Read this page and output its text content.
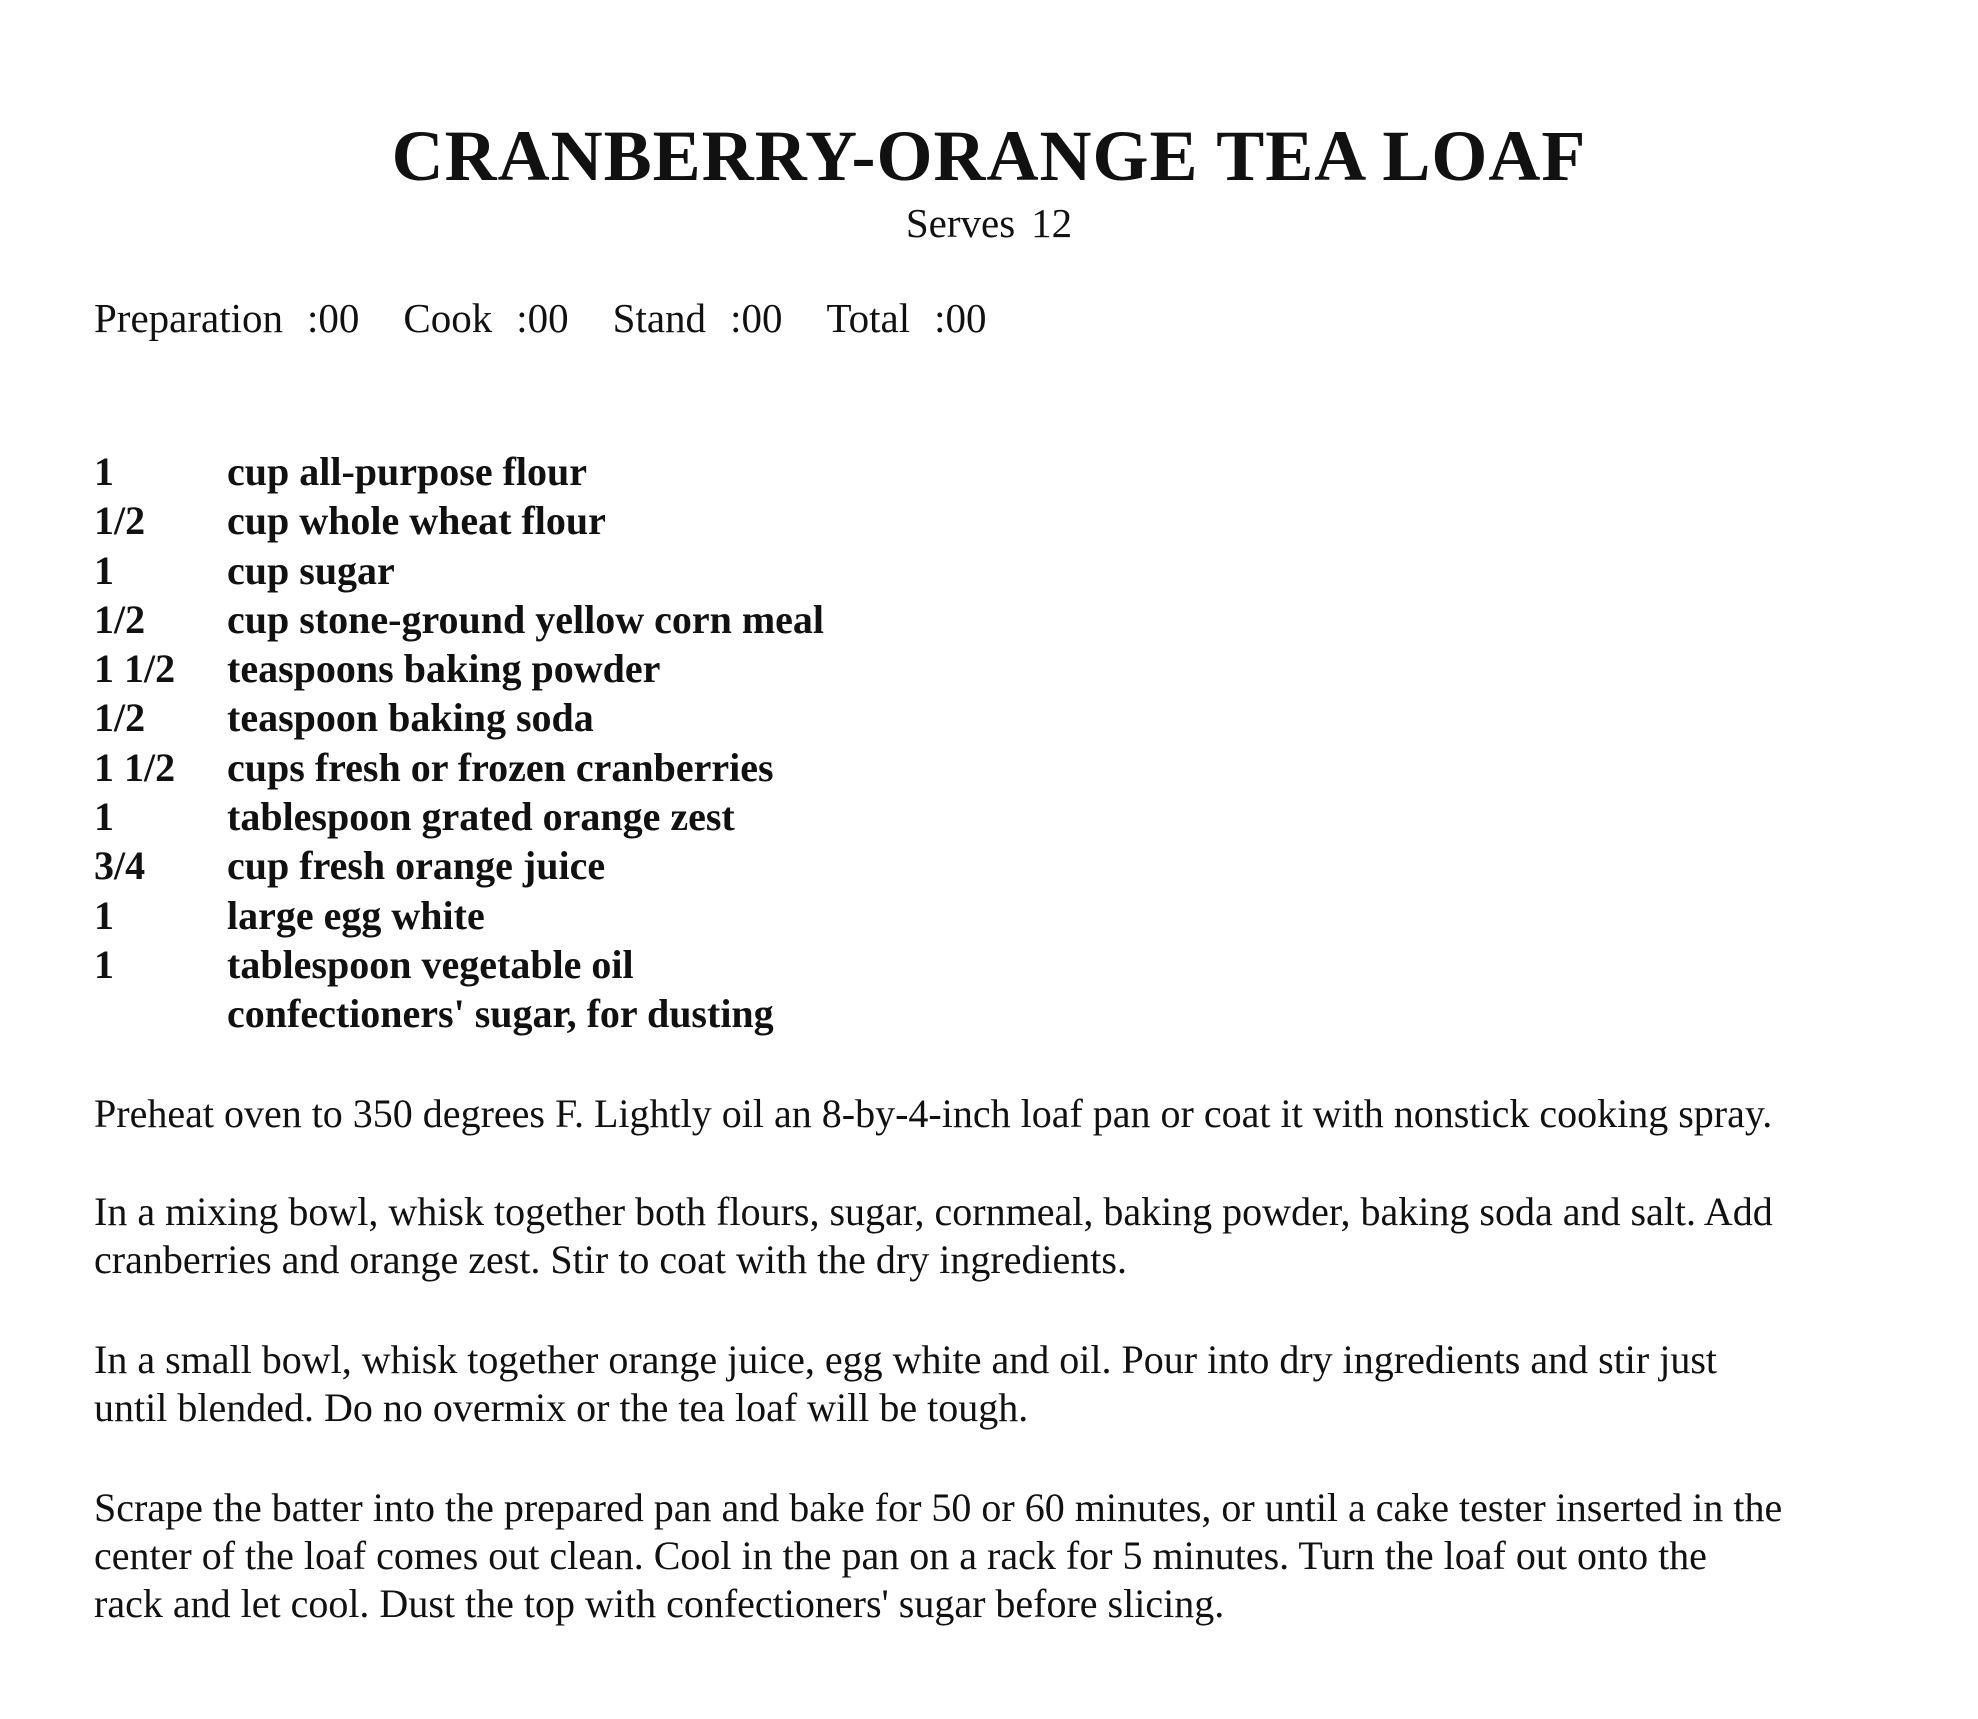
CRANBERRY-ORANGE TEA LOAF
Serves 12
Preparation :00 Cook :00 Stand :00 Total :00
1	cup all-purpose flour
1/2 cup whole wheat flour
1	cup sugar
1/2 cup stone-ground yellow corn meal
1 1/2 teaspoons baking powder
1/2 teaspoon baking soda
1 1/2 cups fresh or frozen cranberries
1	tablespoon grated orange zest
3/4 cup fresh orange juice
1	large egg white
1	tablespoon vegetable oil
confectioners' sugar, for dusting

Preheat oven to 350 degrees F. Lightly oil an 8-by-4-inch loaf pan or coat it with nonstick cooking spray.

In a mixing bowl, whisk together both flours, sugar, cornmeal, baking powder, baking soda and salt. Add
cranberries and orange zest. Stir to coat with the dry ingredients.

In a small bowl, whisk together orange juice, egg white and oil. Pour into dry ingredients and stir just
until blended. Do no overmix or the tea loaf will be tough.

Scrape the batter into the prepared pan and bake for 50 or 60 minutes, or until a cake tester inserted in the
center of the loaf comes out clean. Cool in the pan on a rack for 5 minutes. Turn the loaf out onto the
rack and let cool. Dust the top with confectioners' sugar before slicing.
